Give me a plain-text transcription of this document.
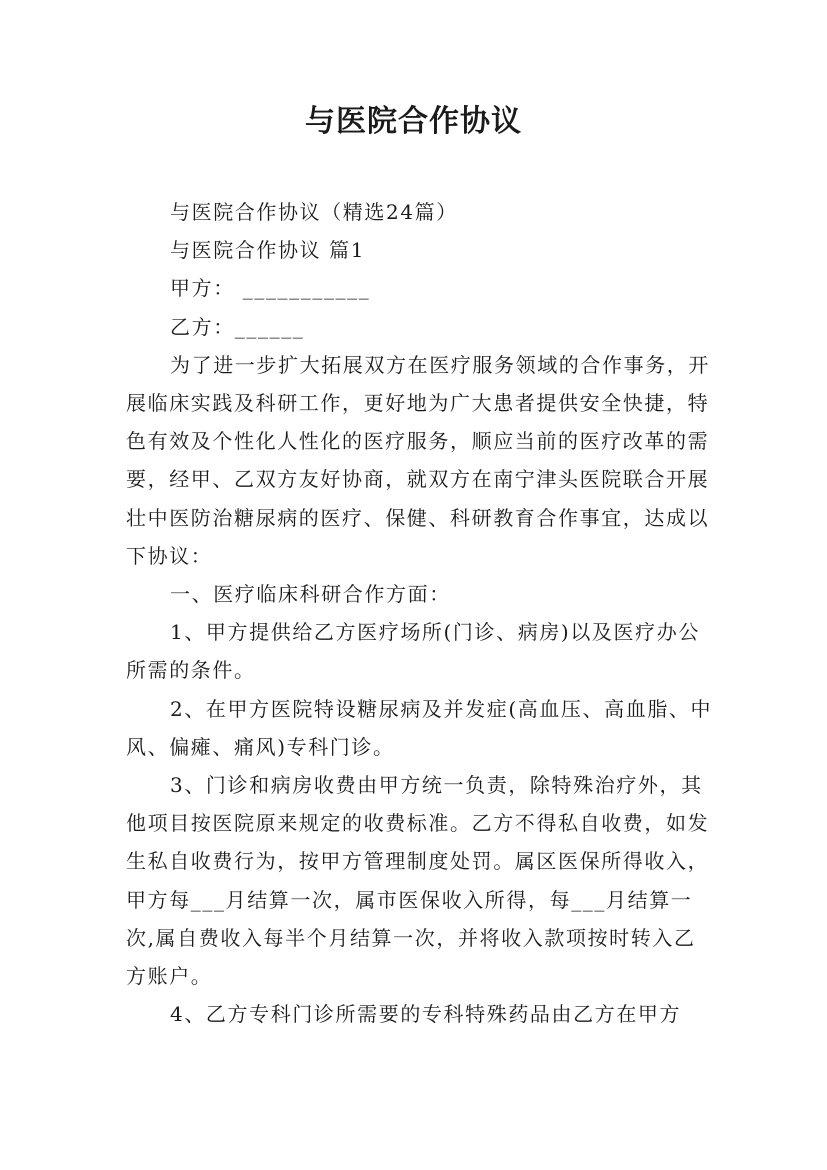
与医院合作协议

与医院合作协议（精选24篇）

与医院合作协议 篇1

甲方： ___________

乙方：______

为了进一步扩大拓展双方在医疗服务领域的合作事务，开展临床实践及科研工作，更好地为广大患者提供安全快捷，特色有效及个性化人性化的医疗服务，顺应当前的医疗改革的需要，经甲、乙双方友好协商，就双方在南宁津头医院联合开展壮中医防治糖尿病的医疗、保健、科研教育合作事宜，达成以下协议：

一、医疗临床科研合作方面：

1、甲方提供给乙方医疗场所(门诊、病房)以及医疗办公所需的条件。

2、在甲方医院特设糖尿病及并发症(高血压、高血脂、中风、偏瘫、痛风)专科门诊。

3、门诊和病房收费由甲方统一负责，除特殊治疗外，其他项目按医院原来规定的收费标准。乙方不得私自收费，如发生私自收费行为，按甲方管理制度处罚。属区医保所得收入，甲方每___月结算一次，属市医保收入所得，每___月结算一次,属自费收入每半个月结算一次，并将收入款项按时转入乙方账户。

4、乙方专科门诊所需要的专科特殊药品由乙方在甲方
